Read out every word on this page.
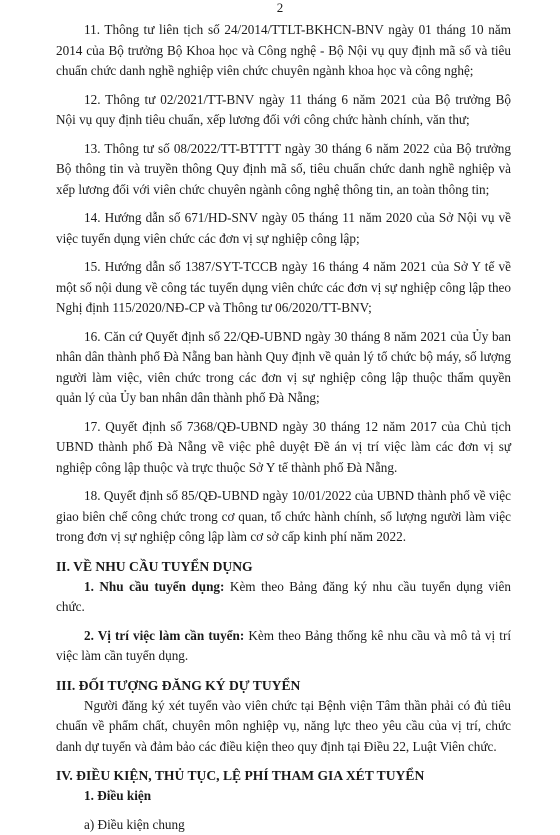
2

11. Thông tư liên tịch số 24/2014/TTLT-BKHCN-BNV ngày 01 tháng 10 năm 2014 của Bộ trưởng Bộ Khoa học và Công nghệ - Bộ Nội vụ quy định mã số và tiêu chuẩn chức danh nghề nghiệp viên chức chuyên ngành khoa học và công nghệ;

12. Thông tư 02/2021/TT-BNV ngày 11 tháng 6 năm 2021 của Bộ trưởng Bộ Nội vụ quy định tiêu chuẩn, xếp lương đối với công chức hành chính, văn thư;

13. Thông tư số 08/2022/TT-BTTTT ngày 30 tháng 6 năm 2022 của Bộ trưởng Bộ thông tin và truyền thông Quy định mã số, tiêu chuẩn chức danh nghề nghiệp và xếp lương đối với viên chức chuyên ngành công nghệ thông tin, an toàn thông tin;

14. Hướng dẫn số 671/HD-SNV ngày 05 tháng 11 năm 2020 của Sở Nội vụ về việc tuyển dụng viên chức các đơn vị sự nghiệp công lập;

15. Hướng dẫn số 1387/SYT-TCCB ngày 16 tháng 4 năm 2021 của Sở Y tế về một số nội dung về công tác tuyển dụng viên chức các đơn vị sự nghiệp công lập theo Nghị định 115/2020/NĐ-CP và Thông tư 06/2020/TT-BNV;

16. Căn cứ Quyết định số 22/QĐ-UBND ngày 30 tháng 8 năm 2021 của Ủy ban nhân dân thành phố Đà Nẵng ban hành Quy định về quản lý tổ chức bộ máy, số lượng người làm việc, viên chức trong các đơn vị sự nghiệp công lập thuộc thẩm quyền quản lý của Ủy ban nhân dân thành phố Đà Nẵng;

17. Quyết định số 7368/QĐ-UBND ngày 30 tháng 12 năm 2017 của Chủ tịch UBND thành phố Đà Nẵng về việc phê duyệt Đề án vị trí việc làm các đơn vị sự nghiệp công lập thuộc và trực thuộc Sở Y tế thành phố Đà Nẵng.

18. Quyết định số 85/QĐ-UBND ngày 10/01/2022 của UBND thành phố về việc giao biên chế công chức trong cơ quan, tổ chức hành chính, số lượng người làm việc trong đơn vị sự nghiệp công lập làm cơ sở cấp kinh phí năm 2022.

II. VỀ NHU CẦU TUYỂN DỤNG

1. Nhu cầu tuyển dụng: Kèm theo Bảng đăng ký nhu cầu tuyển dụng viên chức.

2. Vị trí việc làm cần tuyển: Kèm theo Bảng thống kê nhu cầu và mô tả vị trí việc làm cần tuyển dụng.

III. ĐỐI TƯỢNG ĐĂNG KÝ DỰ TUYỂN

Người đăng ký xét tuyển vào viên chức tại Bệnh viện Tâm thần phải có đủ tiêu chuẩn về phẩm chất, chuyên môn nghiệp vụ, năng lực theo yêu cầu của vị trí, chức danh dự tuyển và đảm bảo các điều kiện theo quy định tại Điều 22, Luật Viên chức.

IV. ĐIỀU KIỆN, THỦ TỤC, LỆ PHÍ THAM GIA XÉT TUYỂN

1. Điều kiện

a) Điều kiện chung
